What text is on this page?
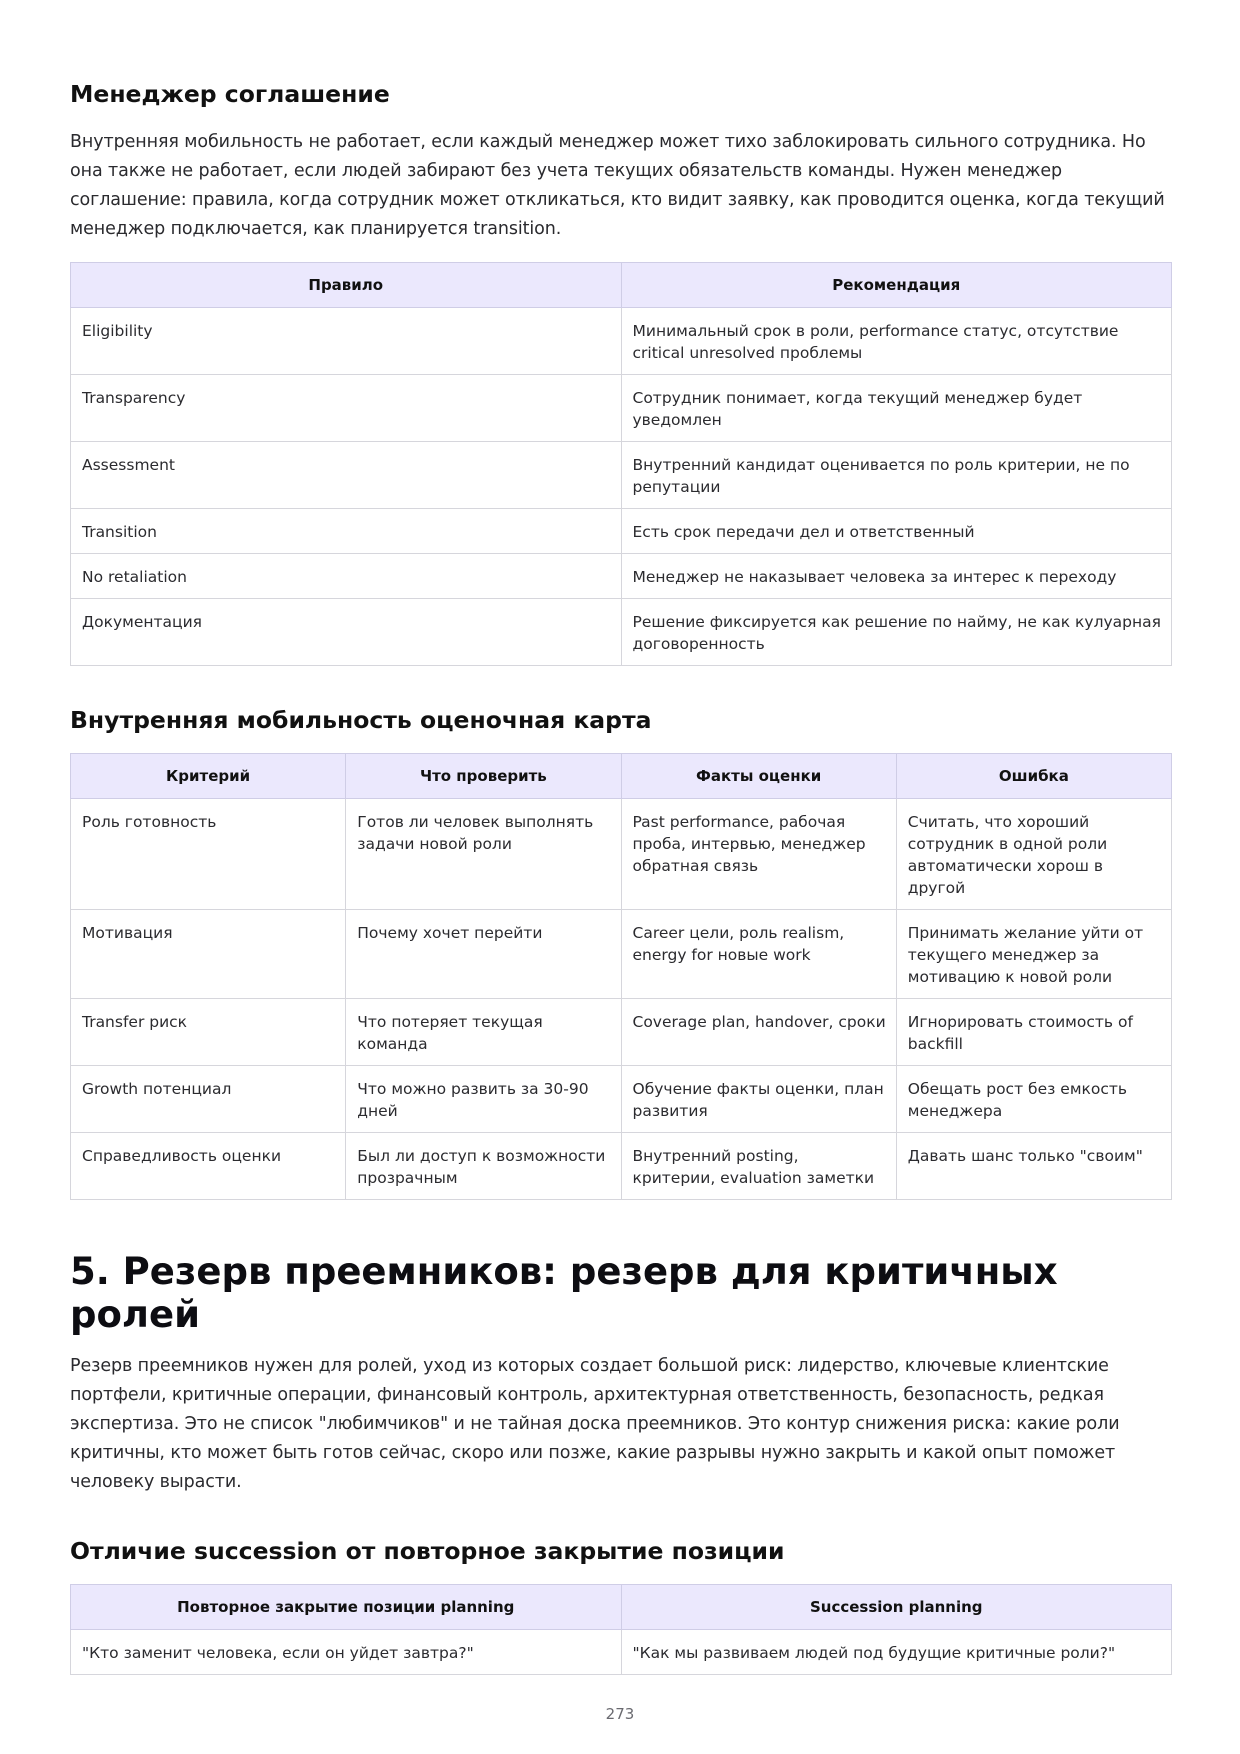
Менеджер соглашение

Внутренняя мобильность не работает, если каждый менеджер может тихо заблокировать сильного сотрудника. Но она также не работает, если людей забирают без учета текущих обязательств команды. Нужен менеджер соглашение: правила, когда сотрудник может откликаться, кто видит заявку, как проводится оценка, когда текущий менеджер подключается, как планируется transition.

Правило	Рекомендация
Eligibility	Минимальный срок в роли, performance статус, отсутствие critical unresolved проблемы
Transparency	Сотрудник понимает, когда текущий менеджер будет уведомлен
Assessment	Внутренний кандидат оценивается по роль критерии, не по репутации
Transition	Есть срок передачи дел и ответственный
No retaliation	Менеджер не наказывает человека за интерес к переходу
Документация	Решение фиксируется как решение по найму, не как кулуарная договоренность
Внутренняя мобильность оценочная карта
Критерий	Что проверить	Факты оценки	Ошибка
Роль готовность	Готов ли человек выполнять задачи новой роли	Past performance, рабочая проба, интервью, менеджер обратная связь	Считать, что хороший сотрудник в одной роли автоматически хорош в другой
Мотивация	Почему хочет перейти	Career цели, роль realism, energy for новые work	Принимать желание уйти от текущего менеджер за мотивацию к новой роли
Transfer риск	Что потеряет текущая команда	Coverage plan, handover, сроки	Игнорировать стоимость of backfill
Growth потенциал	Что можно развить за 30-90 дней	Обучение факты оценки, план развития	Обещать рост без емкость менеджера
Справедливость оценки	Был ли доступ к возможности прозрачным	Внутренний posting, критерии, evaluation заметки	Давать шанс только "своим"
5. Резерв преемников: резерв для критичных ролей

Резерв преемников нужен для ролей, уход из которых создает большой риск: лидерство, ключевые клиентские портфели, критичные операции, финансовый контроль, архитектурная ответственность, безопасность, редкая экспертиза. Это не список "любимчиков" и не тайная доска преемников. Это контур снижения риска: какие роли критичны, кто может быть готов сейчас, скоро или позже, какие разрывы нужно закрыть и какой опыт поможет человеку вырасти.

Отличие succession от повторное закрытие позиции
Повторное закрытие позиции planning	Succession planning
"Кто заменит человека, если он уйдет завтра?"	"Как мы развиваем людей под будущие критичные роли?"
273
